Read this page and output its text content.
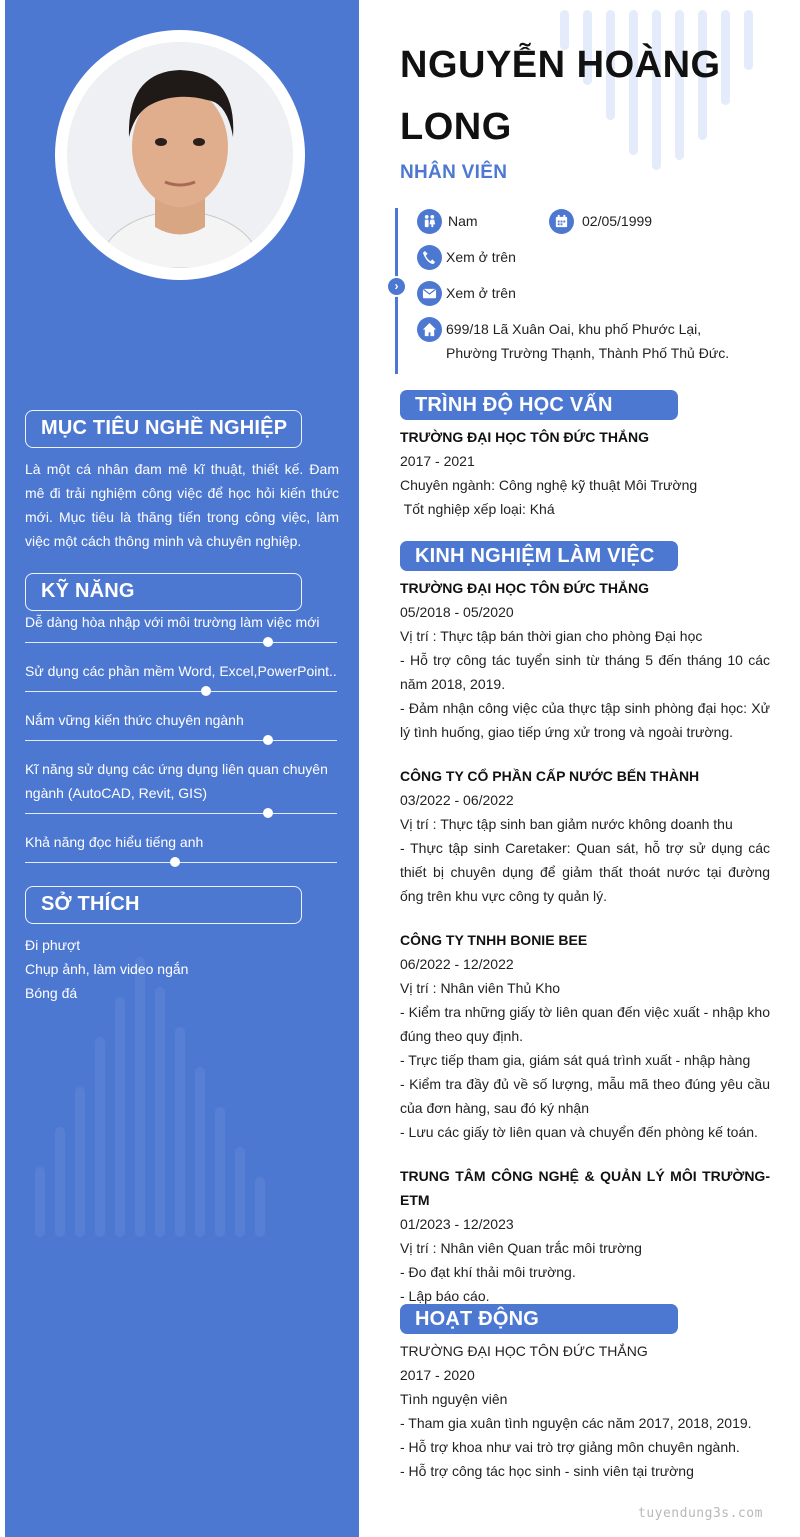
MỤC TIÊU NGHỀ NGHIỆP

Là một cá nhân đam mê kĩ thuật, thiết kế. Đam mê đi trải nghiệm công việc để học hỏi kiến thức mới. Mục tiêu là thăng tiến trong công việc, làm việc một cách thông minh và chuyên nghiệp.

KỸ NĂNG
Dễ dàng hòa nhập với môi trường làm việc mới
Sử dụng các phần mềm Word, Excel,PowerPoint..
Nắm vững kiến thức chuyên ngành
Kĩ năng sử dụng các ứng dụng liên quan chuyên ngành (AutoCAD, Revit, GIS)
Khả năng đọc hiểu tiếng anh
SỞ THÍCH
Đi phượt
Chụp ảnh, làm video ngắn
Bóng đá
NGUYỄN HOÀNG
LONG
NHÂN VIÊN
›
Nam	02/05/1999
Xem ở trên
Xem ở trên
699/18 Lã Xuân Oai, khu phố Phước Lại,
Phường Trường Thạnh, Thành Phố Thủ Đức.
TRÌNH ĐỘ HỌC VẤN
TRƯỜNG ĐẠI HỌC TÔN ĐỨC THẮNG
2017 - 2021
Chuyên ngành: Công nghệ kỹ thuật Môi Trường
Tốt nghiệp xếp loại: Khá
KINH NGHIỆM LÀM VIỆC
TRƯỜNG ĐẠI HỌC TÔN ĐỨC THẮNG
05/2018 - 05/2020
Vị trí : Thực tập bán thời gian cho phòng Đại học
- Hỗ trợ công tác tuyển sinh từ tháng 5 đến tháng 10 các năm 2018, 2019.
- Đảm nhận công việc của thực tập sinh phòng đại học: Xử lý tình huống, giao tiếp ứng xử trong và ngoài trường.
CÔNG TY CỔ PHẦN CẤP NƯỚC BẾN THÀNH
03/2022 - 06/2022
Vị trí : Thực tập sinh ban giảm nước không doanh thu
- Thực tập sinh Caretaker: Quan sát, hỗ trợ sử dụng các thiết bị chuyên dụng để giảm thất thoát nước tại đường ống trên khu vực công ty quản lý.
CÔNG TY TNHH BONIE BEE
06/2022 - 12/2022
Vị trí : Nhân viên Thủ Kho
- Kiểm tra những giấy tờ liên quan đến việc xuất - nhập kho đúng theo quy định.
- Trực tiếp tham gia, giám sát quá trình xuất - nhập hàng
- Kiểm tra đầy đủ về số lượng, mẫu mã theo đúng yêu cầu của đơn hàng, sau đó ký nhận
- Lưu các giấy tờ liên quan và chuyển đến phòng kế toán.
TRUNG TÂM CÔNG NGHỆ & QUẢN LÝ MÔI TRƯỜNG- ETM
01/2023 - 12/2023
Vị trí : Nhân viên Quan trắc môi trường
- Đo đạt khí thải môi trường.
- Lập báo cáo.
HOẠT ĐỘNG
TRƯỜNG ĐẠI HỌC TÔN ĐỨC THẮNG
2017 - 2020
Tình nguyện viên
- Tham gia xuân tình nguyện các năm 2017, 2018, 2019.
- Hỗ trợ khoa như vai trò trợ giảng môn chuyên ngành.
- Hỗ trợ công tác học sinh - sinh viên tại trường
tuyendung3s.com
